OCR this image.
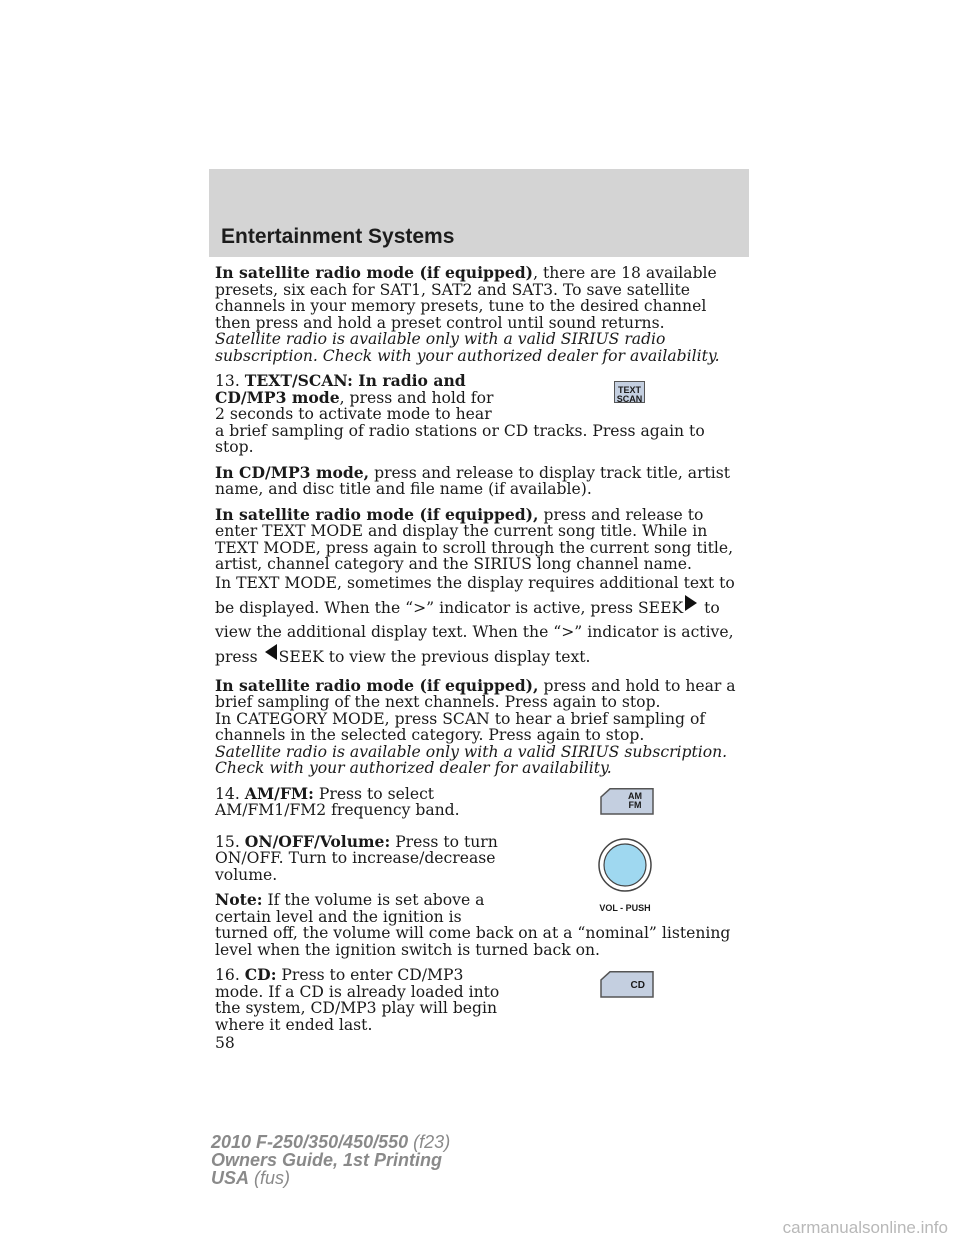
Entertainment Systems

In satellite radio mode (if equipped), there are 18 available presets, six each for SAT1, SAT2 and SAT3. To save satellite channels in your memory presets, tune to the desired channel then press and hold a preset control until sound returns.
Satellite radio is available only with a valid SIRIUS radio subscription. Check with your authorized dealer for availability.

13. TEXT/SCAN: In radio and CD/MP3 mode, press and hold for 2 seconds to activate mode to hear

TEXT
SCAN

a brief sampling of radio stations or CD tracks. Press again to stop.

In CD/MP3 mode, press and release to display track title, artist name, and disc title and file name (if available).

In satellite radio mode (if equipped), press and release to enter TEXT MODE and display the current song title. While in TEXT MODE, press again to scroll through the current song title, artist, channel category and the SIRIUS long channel name.

In TEXT MODE, sometimes the display requires additional text to be displayed. When the “>” indicator is active, press SEEK to view the additional display text. When the “>” indicator is active, press SEEK to view the previous display text.

In satellite radio mode (if equipped), press and hold to hear a brief sampling of the next channels. Press again to stop.
In CATEGORY MODE, press SCAN to hear a brief sampling of channels in the selected category. Press again to stop.
Satellite radio is available only with a valid SIRIUS subscription. Check with your authorized dealer for availability.

14. AM/FM: Press to select AM/FM1/FM2 frequency band.

AM
FM

15. ON/OFF/Volume: Press to turn ON/OFF. Turn to increase/decrease volume.

Note: If the volume is set above a certain level and the ignition is	VOL - PUSH

turned off, the volume will come back on at a “nominal” listening level when the ignition switch is turned back on.

16. CD: Press to enter CD/MP3 mode. If a CD is already loaded into the system, CD/MP3 play will begin where it ended last.

CD

58

2010 F-250/350/450/550 (f23)
Owners Guide, 1st Printing
USA (fus)
carmanualsonline.info
